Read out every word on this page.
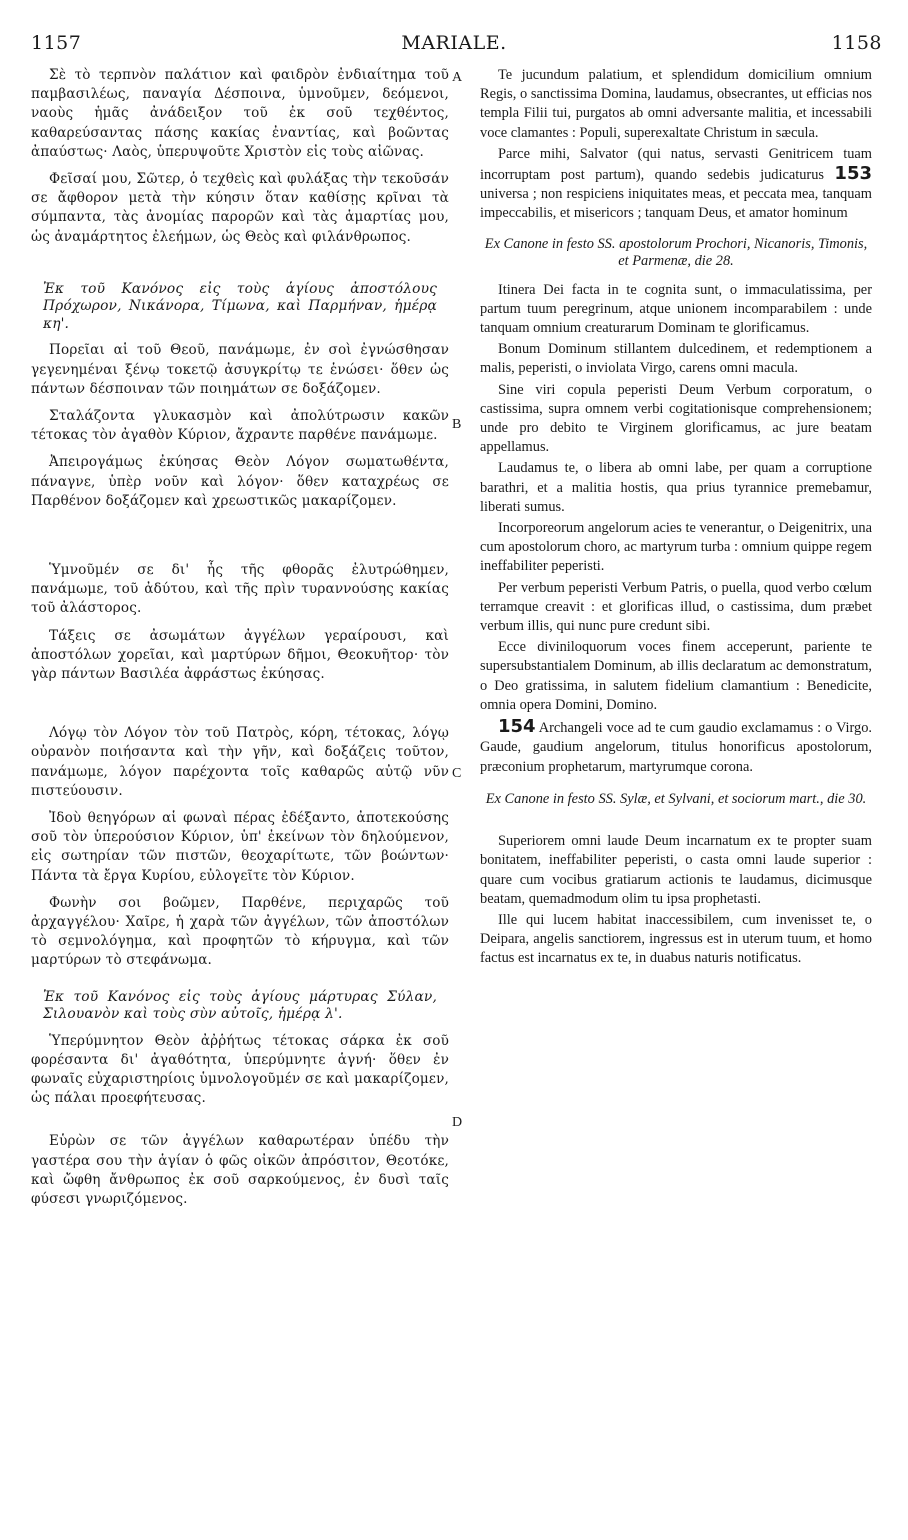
1157	MARIALE.	1158
A
B
C
D

Σὲ τὸ τερπνὸν παλάτιον καὶ φαιδρὸν ἐνδιαίτημα τοῦ παμβασιλέως, παναγία Δέσποινα, ὑμνοῦμεν, δεόμενοι, ναοὺς ἡμᾶς ἀνάδειξον τοῦ ἐκ σοῦ τεχθέντος, καθαρεύσαντας πάσης κακίας ἐναντίας, καὶ βοῶντας ἀπαύστως· Λαὸς, ὑπερυψοῦτε Χριστὸν εἰς τοὺς αἰῶνας.

Φεῖσαί μου, Σῶτερ, ὁ τεχθεὶς καὶ φυλάξας τὴν τεκοῦσάν σε ἄφθορον μετὰ τὴν κύησιν ὅταν καθίσῃς κρῖναι τὰ σύμπαντα, τὰς ἀνομίας παρορῶν καὶ τὰς ἁμαρτίας μου, ὡς ἀναμάρτητος ἐλεήμων, ὡς Θεὸς καὶ φιλάνθρωπος.

Ἐκ τοῦ Κανόνος εἰς τοὺς ἁγίους ἀποστόλους Πρόχωρον, Νικάνορα, Τίμωνα, καὶ Παρμήναν, ἡμέρᾳ κη'.

Πορεῖαι αἱ τοῦ Θεοῦ, πανάμωμε, ἐν σοὶ ἐγνώσθησαν γεγενημέναι ξένῳ τοκετῷ ἀσυγκρίτῳ τε ἑνώσει· ὅθεν ὡς πάντων δέσποιναν τῶν ποιημάτων σε δοξάζομεν.

Σταλάζοντα γλυκασμὸν καὶ ἀπολύτρωσιν κακῶν τέτοκας τὸν ἀγαθὸν Κύριον, ἄχραντε παρθένε πανάμωμε.

Ἀπειρογάμως ἐκύησας Θεὸν Λόγον σωματωθέντα, πάναγνε, ὑπὲρ νοῦν καὶ λόγον· ὅθεν καταχρέως σε Παρθένον δοξάζομεν καὶ χρεωστικῶς μακαρίζομεν.

Ὑμνοῦμέν σε δι' ἧς τῆς φθορᾶς ἐλυτρώθημεν, πανάμωμε, τοῦ ἀδύτου, καὶ τῆς πρὶν τυραννούσης κακίας τοῦ ἀλάστορος.

Τάξεις σε ἀσωμάτων ἀγγέλων γεραίρουσι, καὶ ἀποστόλων χορεῖαι, καὶ μαρτύρων δῆμοι, Θεοκυῆτορ· τὸν γὰρ πάντων Βασιλέα ἀφράστως ἐκύησας.

Λόγῳ τὸν Λόγον τὸν τοῦ Πατρὸς, κόρη, τέτοκας, λόγῳ οὐρανὸν ποιήσαντα καὶ τὴν γῆν, καὶ δοξάζεις τοῦτον, πανάμωμε, λόγον παρέχοντα τοῖς καθαρῶς αὐτῷ νῦν πιστεύουσιν.

Ἰδοὺ θεηγόρων αἱ φωναὶ πέρας ἐδέξαντο, ἀποτεκούσης σοῦ τὸν ὑπερούσιον Κύριον, ὑπ' ἐκείνων τὸν δηλούμενον, εἰς σωτηρίαν τῶν πιστῶν, θεοχαρίτωτε, τῶν βοώντων· Πάντα τὰ ἔργα Κυρίου, εὐλογεῖτε τὸν Κύριον.

Φωνὴν σοι βοῶμεν, Παρθένε, περιχαρῶς τοῦ ἀρχαγγέλου· Χαῖρε, ἡ χαρὰ τῶν ἀγγέλων, τῶν ἀποστόλων τὸ σεμνολόγημα, καὶ προφητῶν τὸ κήρυγμα, καὶ τῶν μαρτύρων τὸ στεφάνωμα.

Ἐκ τοῦ Κανόνος εἰς τοὺς ἁγίους μάρτυρας Σύλαν, Σιλουανὸν καὶ τοὺς σὺν αὐτοῖς, ἡμέρᾳ λ'.

Ὑπερύμνητον Θεὸν ἀῤῥήτως τέτοκας σάρκα ἐκ σοῦ φορέσαντα δι' ἀγαθότητα, ὑπερύμνητε ἁγνή· ὅθεν ἐν φωναῖς εὐχαριστηρίοις ὑμνολογοῦμέν σε καὶ μακαρίζομεν, ὡς πάλαι προεφήτευσας.

Εὑρὼν σε τῶν ἀγγέλων καθαρωτέραν ὑπέδυ τὴν γαστέρα σου τὴν ἁγίαν ὁ φῶς οἰκῶν ἀπρόσιτον, Θεοτόκε, καὶ ὤφθη ἄνθρωπος ἐκ σοῦ σαρκούμενος, ἐν δυσὶ ταῖς φύσεσι γνωριζόμενος.

Te jucundum palatium, et splendidum domicilium omnium Regis, o sanctissima Domina, laudamus, obsecrantes, ut efficias nos templa Filii tui, purgatos ab omni adversante malitia, et incessabili voce clamantes : Populi, superexaltate Christum in sæcula.

Parce mihi, Salvator (qui natus, servasti Genitricem tuam incorruptam post partum), quando sedebis judicaturus 153 universa ; non respiciens iniquitates meas, et peccata mea, tanquam impeccabilis, et misericors ; tanquam Deus, et amator hominum

Ex Canone in festo SS. apostolorum Prochori, Nicanoris, Timonis, et Parmenæ, die 28.

Itinera Dei facta in te cognita sunt, o immaculatissima, per partum tuum peregrinum, atque unionem incomparabilem : unde tanquam omnium creaturarum Dominam te glorificamus.

Bonum Dominum stillantem dulcedinem, et redemptionem a malis, peperisti, o inviolata Virgo, carens omni macula.

Sine viri copula peperisti Deum Verbum corporatum, o castissima, supra omnem verbi cogitationisque comprehensionem; unde pro debito te Virginem glorificamus, ac jure beatam appellamus.

Laudamus te, o libera ab omni labe, per quam a corruptione barathri, et a malitia hostis, qua prius tyrannice premebamur, liberati sumus.

Incorporeorum angelorum acies te venerantur, o Deigenitrix, una cum apostolorum choro, ac martyrum turba : omnium quippe regem ineffabiliter peperisti.

Per verbum peperisti Verbum Patris, o puella, quod verbo cœlum terramque creavit : et glorificas illud, o castissima, dum præbet verbum illis, qui nunc pure credunt sibi.

Ecce diviniloquorum voces finem acceperunt, pariente te supersubstantialem Dominum, ab illis declaratum ac demonstratum, o Deo gratissima, in salutem fidelium clamantium : Benedicite, omnia opera Domini, Domino.

154 Archangeli voce ad te cum gaudio exclamamus : o Virgo. Gaude, gaudium angelorum, titulus honorificus apostolorum, præconium prophetarum, martyrumque corona.

Ex Canone in festo SS. Sylæ, et Sylvani, et sociorum mart., die 30.

Superiorem omni laude Deum incarnatum ex te propter suam bonitatem, ineffabiliter peperisti, o casta omni laude superior : quare cum vocibus gratiarum actionis te laudamus, dicimusque beatam, quemadmodum olim tu ipsa prophetasti.

Ille qui lucem habitat inaccessibilem, cum invenisset te, o Deipara, angelis sanctiorem, ingressus est in uterum tuum, et homo factus est incarnatus ex te, in duabus naturis notificatus.
